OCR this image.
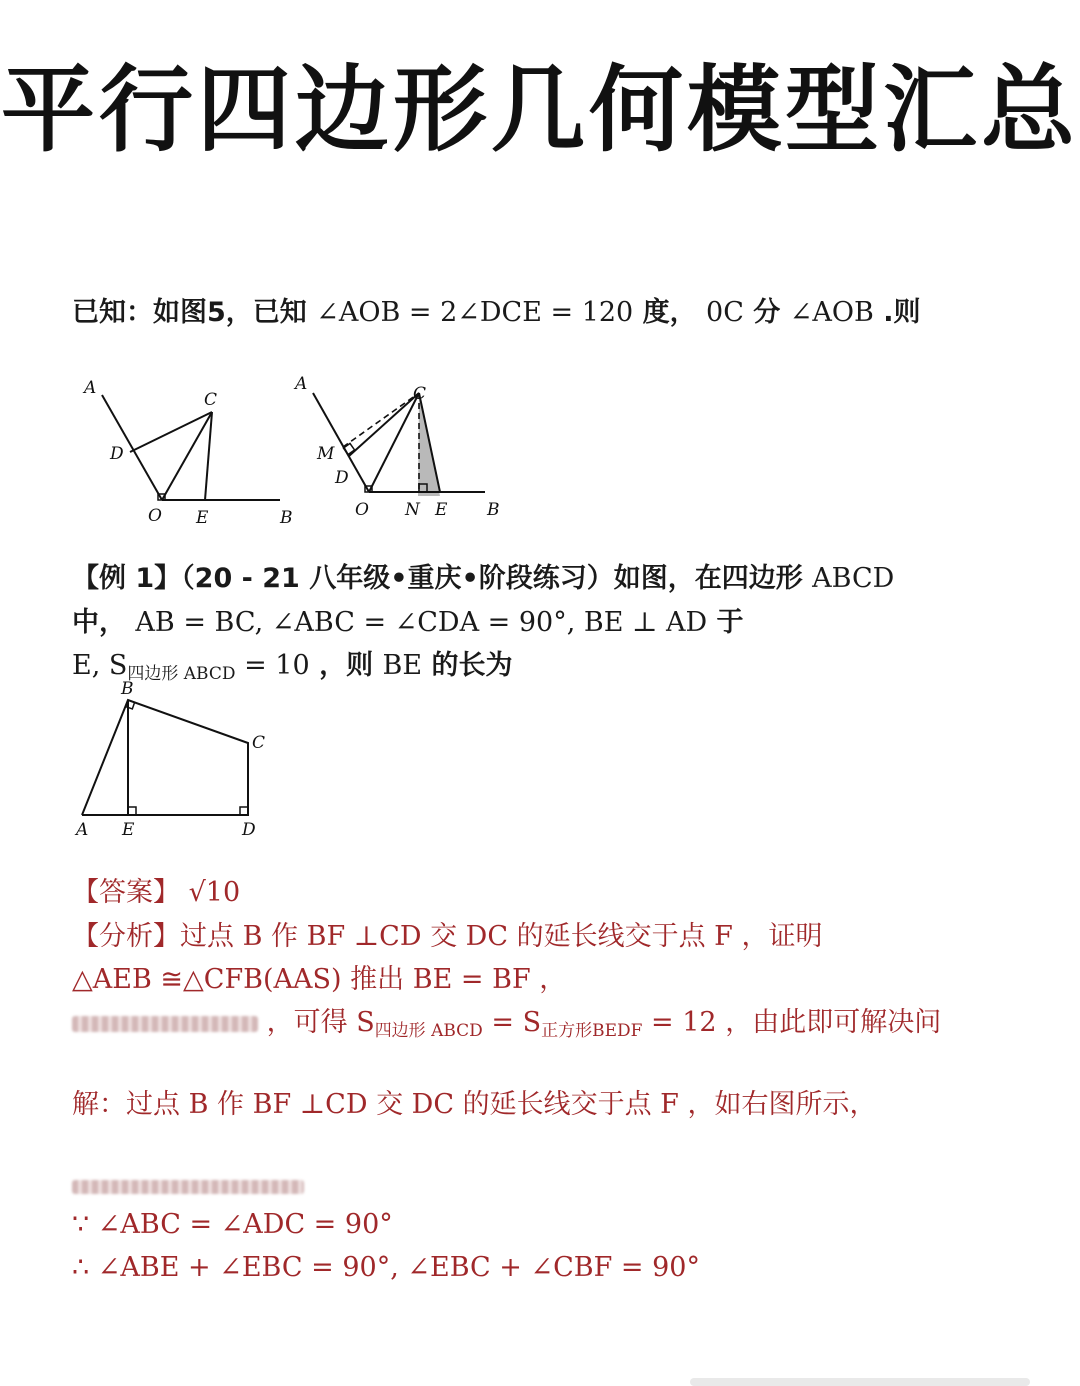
平行四边形几何模型汇总
已知：如图5，已知 ∠AOB = 2∠DCE = 120 度， 0C 分 ∠AOB .则
A
C
D
O E	B
A	C
M
D
O N E B
【例 1】（20 - 21 八年级•重庆•阶段练习）如图，在四边形 ABCD
中， AB = BC, ∠ABC = ∠CDA = 90°, BE ⊥ AD 于
E, $S_{四边形 ABCD} = 10$ ，则 BE 的长为
B
C
A E	D
【答案】 √10
【分析】过点 B 作 BF ⊥CD 交 DC 的延长线交于点 F ，证明
△AEB ≅△CFB(AAS) 推出 BE = BF ，
，可得 $S_{四边形 ABCD} = S_{正方形BEDF} = 12$ ，由此即可解决问
解：过点 B 作 BF ⊥CD 交 DC 的延长线交于点 F ，如右图所示，
∵ ∠ABC = ∠ADC = 90°
∴ ∠ABE + ∠EBC = 90°, ∠EBC + ∠CBF = 90°
